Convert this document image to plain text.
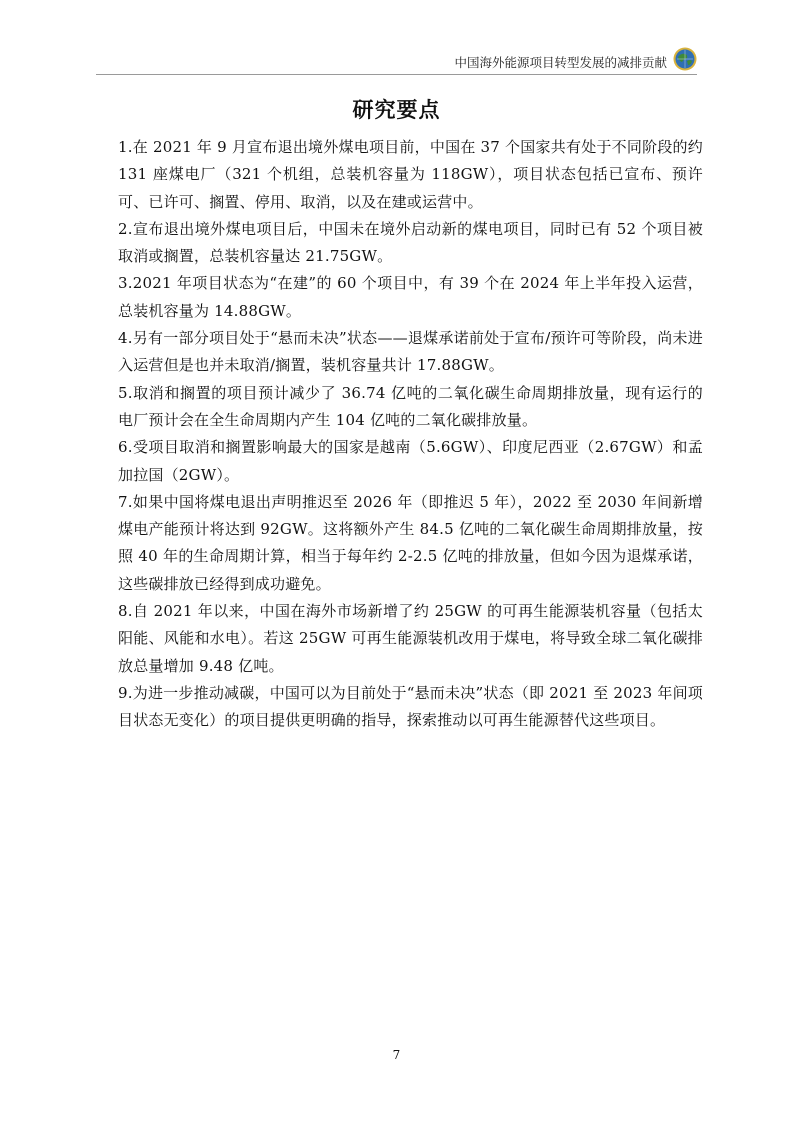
中国海外能源项目转型发展的减排贡献
研究要点

1.在 2021 年 9 月宣布退出境外煤电项目前，中国在 37 个国家共有处于不同阶段的约 131 座煤电厂（321 个机组，总装机容量为 118GW），项目状态包括已宣布、预许可、已许可、搁置、停用、取消，以及在建或运营中。

2.宣布退出境外煤电项目后，中国未在境外启动新的煤电项目，同时已有 52 个项目被取消或搁置，总装机容量达 21.75GW。

3.2021 年项目状态为“在建”的 60 个项目中，有 39 个在 2024 年上半年投入运营，总装机容量为 14.88GW。

4.另有一部分项目处于“悬而未决”状态——退煤承诺前处于宣布/预许可等阶段，尚未进入运营但是也并未取消/搁置，装机容量共计 17.88GW。

5.取消和搁置的项目预计减少了 36.74 亿吨的二氧化碳生命周期排放量，现有运行的电厂预计会在全生命周期内产生 104 亿吨的二氧化碳排放量。

6.受项目取消和搁置影响最大的国家是越南（5.6GW）、印度尼西亚（2.67GW）和孟加拉国（2GW）。

7.如果中国将煤电退出声明推迟至 2026 年（即推迟 5 年），2022 至 2030 年间新增煤电产能预计将达到 92GW。这将额外产生 84.5 亿吨的二氧化碳生命周期排放量，按照 40 年的生命周期计算，相当于每年约 2-2.5 亿吨的排放量，但如今因为退煤承诺，这些碳排放已经得到成功避免。

8.自 2021 年以来，中国在海外市场新增了约 25GW 的可再生能源装机容量（包括太阳能、风能和水电）。若这 25GW 可再生能源装机改用于煤电，将导致全球二氧化碳排放总量增加 9.48 亿吨。

9.为进一步推动减碳，中国可以为目前处于“悬而未决”状态（即 2021 至 2023 年间项目状态无变化）的项目提供更明确的指导，探索推动以可再生能源替代这些项目。

7
